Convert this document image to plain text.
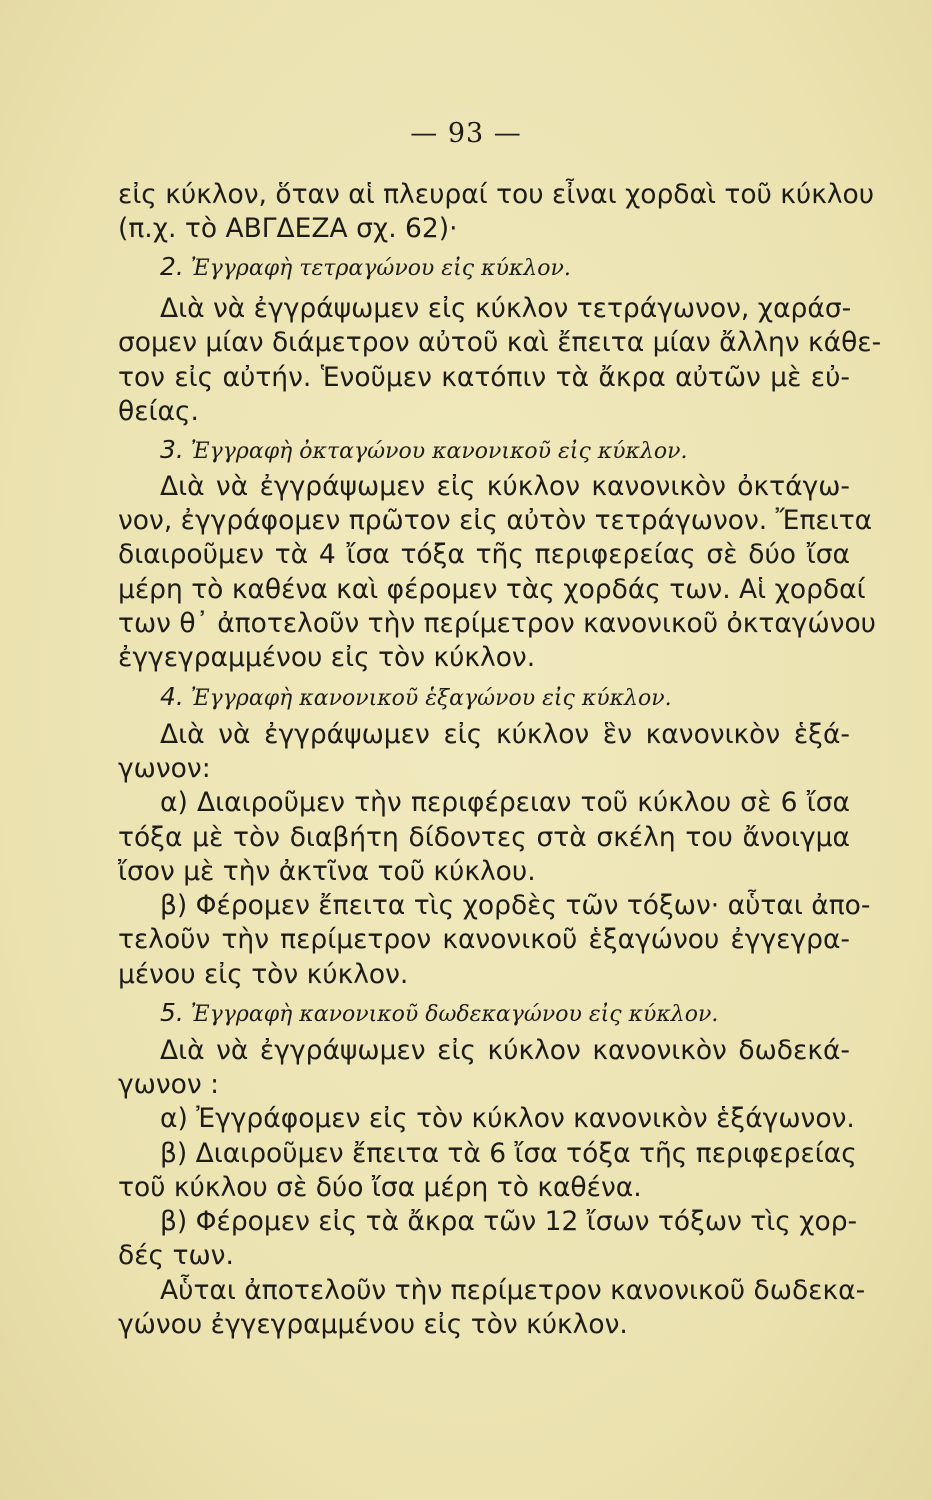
— 93 —
εἰς κύκλον, ὅταν αἱ πλευραί του εἶναι χορδαὶ τοῦ κύκλου
(π.χ. τὸ ΑΒΓΔΕΖΑ σχ. 62)·
2. Ἐγγραφὴ τετραγώνου εἰς κύκλον.
Διὰ νὰ ἐγγράψωμεν εἰς κύκλον τετράγωνον, χαράσ-
σομεν μίαν διάμετρον αὐτοῦ καὶ ἔπειτα μίαν ἄλλην κάθε-
τον εἰς αὐτήν. Ἑνοῦμεν κατόπιν τὰ ἄκρα αὐτῶν μὲ εὐ-
θείας.
3. Ἐγγραφὴ ὀκταγώνου κανονικοῦ εἰς κύκλον.
Διὰ νὰ ἐγγράψωμεν εἰς κύκλον κανονικὸν ὀκτάγω-
νον, ἐγγράφομεν πρῶτον εἰς αὐτὸν τετράγωνον. Ἔπειτα
διαιροῦμεν τὰ 4 ἴσα τόξα τῆς περιφερείας σὲ δύο ἴσα
μέρη τὸ καθένα καὶ φέρομεν τὰς χορδάς των. Αἱ χορδαί
των θ᾽ ἀποτελοῦν τὴν περίμετρον κανονικοῦ ὀκταγώνου
ἐγγεγραμμένου εἰς τὸν κύκλον.
4. Ἐγγραφὴ κανονικοῦ ἑξαγώνου εἰς κύκλον.
Διὰ νὰ ἐγγράψωμεν εἰς κύκλον ἓν κανονικὸν ἑξά-
γωνον:
α) Διαιροῦμεν τὴν περιφέρειαν τοῦ κύκλου σὲ 6 ἴσα
τόξα μὲ τὸν διαβήτη δίδοντες στὰ σκέλη του ἄνοιγμα
ἴσον μὲ τὴν ἀκτῖνα τοῦ κύκλου.
β) Φέρομεν ἔπειτα τὶς χορδὲς τῶν τόξων· αὗται ἀπο-
τελοῦν τὴν περίμετρον κανονικοῦ ἑξαγώνου ἐγγεγρα-
μένου εἰς τὸν κύκλον.
5. Ἐγγραφὴ κανονικοῦ δωδεκαγώνου εἰς κύκλον.
Διὰ νὰ ἐγγράψωμεν εἰς κύκλον κανονικὸν δωδεκά-
γωνον :
α) Ἐγγράφομεν εἰς τὸν κύκλον κανονικὸν ἑξάγωνον.
β) Διαιροῦμεν ἔπειτα τὰ 6 ἴσα τόξα τῆς περιφερείας
τοῦ κύκλου σὲ δύο ἴσα μέρη τὸ καθένα.
β) Φέρομεν εἰς τὰ ἄκρα τῶν 12 ἴσων τόξων τὶς χορ-
δές των.
Αὗται ἀποτελοῦν τὴν περίμετρον κανονικοῦ δωδεκα-
γώνου ἐγγεγραμμένου εἰς τὸν κύκλον.
